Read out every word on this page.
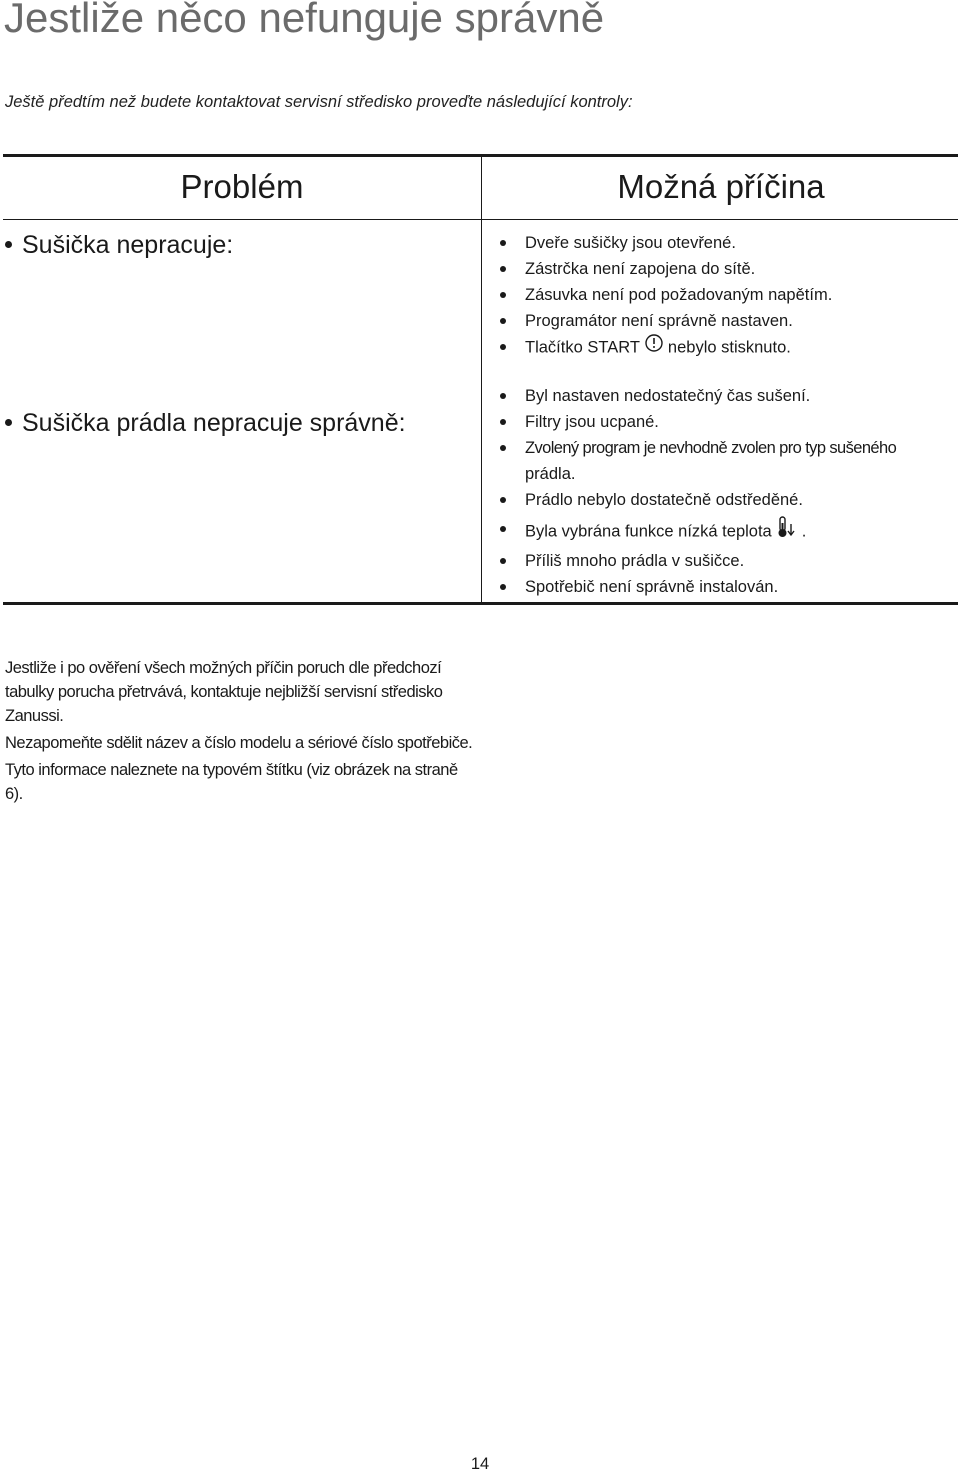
Jestliže něco nefunguje správně

Ještě předtím než budete kontaktovat servisní středisko proveďte následující kontroly:

Problém	Možná příčina

Sušička nepracuje:	Dveře sušičky jsou otevřené.
Zástrčka není zapojena do sítě.
Zásuvka není pod požadovaným napětím.
Programátor není správně nastaven.
Tlačítko START nebylo stisknuto.

Sušička prádla nepracuje správně:

Byl nastaven nedostatečný čas sušení.
Filtry jsou ucpané.
Zvolený program je nevhodně zvolen pro typ sušeného
prádla.
Prádlo nebylo dostatečně odstředěné.
Byla vybrána funkce nízká teplota .
Příliš mnoho prádla v sušičce.
Spotřebič není správně instalován.

Jestliže i po ověření všech možných příčin poruch dle předchozí tabulky porucha přetrvává, kontaktuje nejbližší servisní středisko Zanussi.

Nezapomeňte sdělit název a číslo modelu a sériové číslo spotřebiče.

Tyto informace naleznete na typovém štítku (viz obrázek na straně 6).

14
